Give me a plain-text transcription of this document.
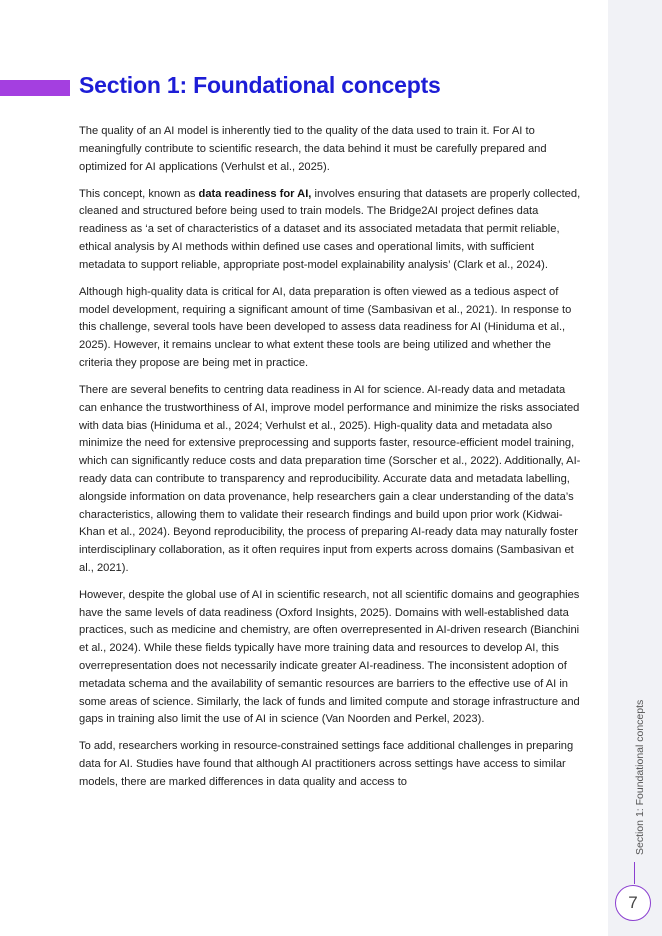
Section 1: Foundational concepts

The quality of an AI model is inherently tied to the quality of the data used to train it. For AI to meaningfully contribute to scientific research, the data behind it must be carefully prepared and optimized for AI applications (Verhulst et al., 2025).

This concept, known as data readiness for AI, involves ensuring that datasets are properly collected, cleaned and structured before being used to train models. The Bridge2AI project defines data readiness as ‘a set of characteristics of a dataset and its associated metadata that permit reliable, ethical analysis by AI methods within defined use cases and operational limits, with sufficient metadata to support reliable, appropriate post-model explainability analysis’ (Clark et al., 2024).

Although high-quality data is critical for AI, data preparation is often viewed as a tedious aspect of model development, requiring a significant amount of time (Sambasivan et al., 2021). In response to this challenge, several tools have been developed to assess data readiness for AI (Hiniduma et al., 2025). However, it remains unclear to what extent these tools are being utilized and whether the criteria they propose are being met in practice.

There are several benefits to centring data readiness in AI for science. AI-ready data and metadata can enhance the trustworthiness of AI, improve model performance and minimize the risks associated with data bias (Hiniduma et al., 2024; Verhulst et al., 2025). High-quality data and metadata also minimize the need for extensive preprocessing and supports faster, resource-efficient model training, which can significantly reduce costs and data preparation time (Sorscher et al., 2022). Additionally, AI-ready data can contribute to transparency and reproducibility. Accurate data and metadata labelling, alongside information on data provenance, help researchers gain a clear understanding of the data’s characteristics, allowing them to validate their research findings and build upon prior work (Kidwai-Khan et al., 2024). Beyond reproducibility, the process of preparing AI-ready data may naturally foster interdisciplinary collaboration, as it often requires input from experts across domains (Sambasivan et al., 2021).

However, despite the global use of AI in scientific research, not all scientific domains and geographies have the same levels of data readiness (Oxford Insights, 2025). Domains with well-established data practices, such as medicine and chemistry, are often overrepresented in AI-driven research (Bianchini et al., 2024). While these fields typically have more training data and resources to develop AI, this overrepresentation does not necessarily indicate greater AI-readiness. The inconsistent adoption of metadata schema and the availability of semantic resources are barriers to the effective use of AI in some areas of science. Similarly, the lack of funds and limited compute and storage infrastructure and gaps in training also limit the use of AI in science (Van Noorden and Perkel, 2023).

To add, researchers working in resource-constrained settings face additional challenges in preparing data for AI. Studies have found that although AI practitioners across settings have access to similar models, there are marked differences in data quality and access to	Section 1: Foundational concepts
7
